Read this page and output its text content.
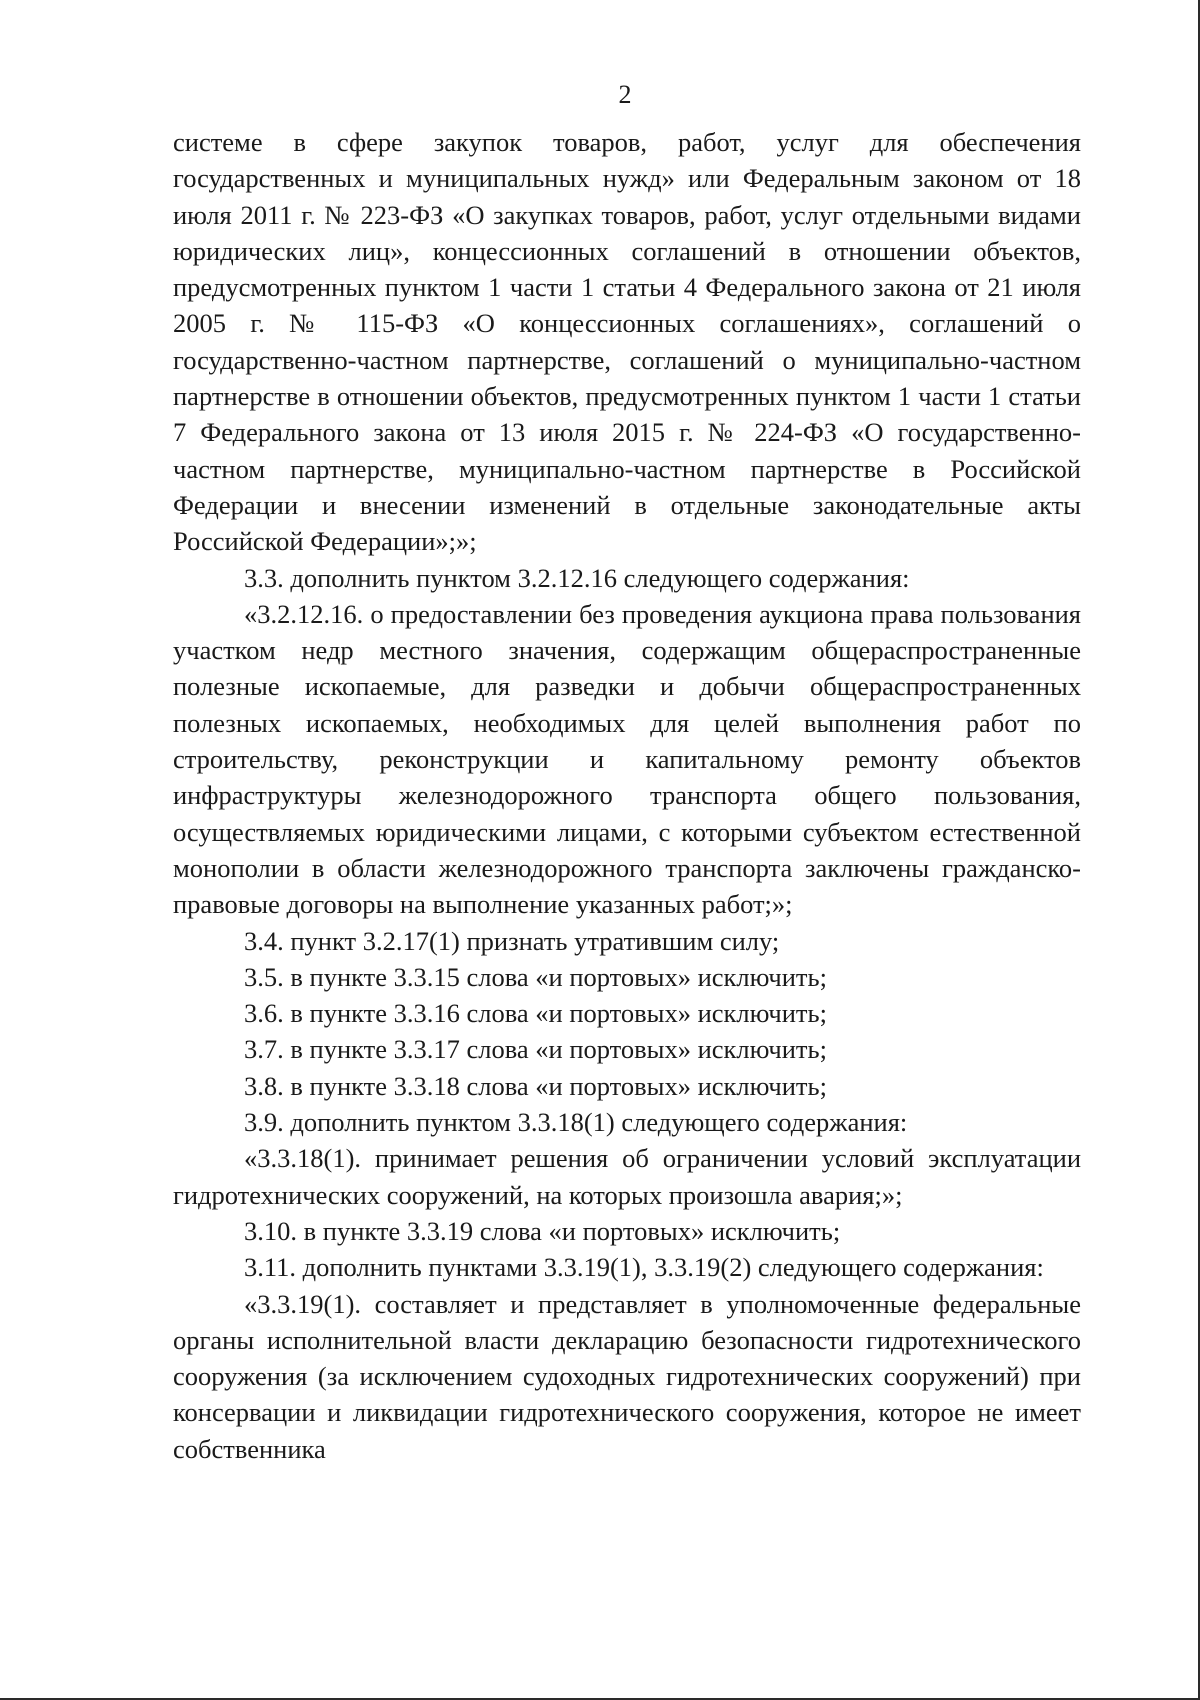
2

системе в сфере закупок товаров, работ, услуг для обеспечения государственных и муниципальных нужд» или Федеральным законом от 18 июля 2011 г. № 223-ФЗ «О закупках товаров, работ, услуг отдельными видами юридических лиц», концессионных соглашений в отношении объектов, предусмотренных пунктом 1 части 1 статьи 4 Федерального закона от 21 июля 2005 г. № 115-ФЗ «О концессионных соглашениях», соглашений о государственно-частном партнерстве, соглашений о муниципально-частном партнерстве в отношении объектов, предусмотренных пунктом 1 части 1 статьи 7 Федерального закона от 13 июля 2015 г. № 224-ФЗ «О государственно-частном партнерстве, муниципально-частном партнерстве в Российской Федерации и внесении изменений в отдельные законодательные акты Российской Федерации»;»;

3.3. дополнить пунктом 3.2.12.16 следующего содержания:

«3.2.12.16. о предоставлении без проведения аукциона права пользования участком недр местного значения, содержащим общераспространенные полезные ископаемые, для разведки и добычи общераспространенных полезных ископаемых, необходимых для целей выполнения работ по строительству, реконструкции и капитальному ремонту объектов инфраструктуры железнодорожного транспорта общего пользования, осуществляемых юридическими лицами, с которыми субъектом естественной монополии в области железнодорожного транспорта заключены гражданско-правовые договоры на выполнение указанных работ;»;

3.4. пункт 3.2.17(1) признать утратившим силу;

3.5. в пункте 3.3.15 слова «и портовых» исключить;

3.6. в пункте 3.3.16 слова «и портовых» исключить;

3.7. в пункте 3.3.17 слова «и портовых» исключить;

3.8. в пункте 3.3.18 слова «и портовых» исключить;

3.9. дополнить пунктом 3.3.18(1) следующего содержания:

«3.3.18(1). принимает решения об ограничении условий эксплуатации гидротехнических сооружений, на которых произошла авария;»;

3.10. в пункте 3.3.19 слова «и портовых» исключить;

3.11. дополнить пунктами 3.3.19(1), 3.3.19(2) следующего содержания:

«3.3.19(1). составляет и представляет в уполномоченные федеральные органы исполнительной власти декларацию безопасности гидротехнического сооружения (за исключением судоходных гидротехнических сооружений) при консервации и ликвидации гидротехнического сооружения, которое не имеет собственника
